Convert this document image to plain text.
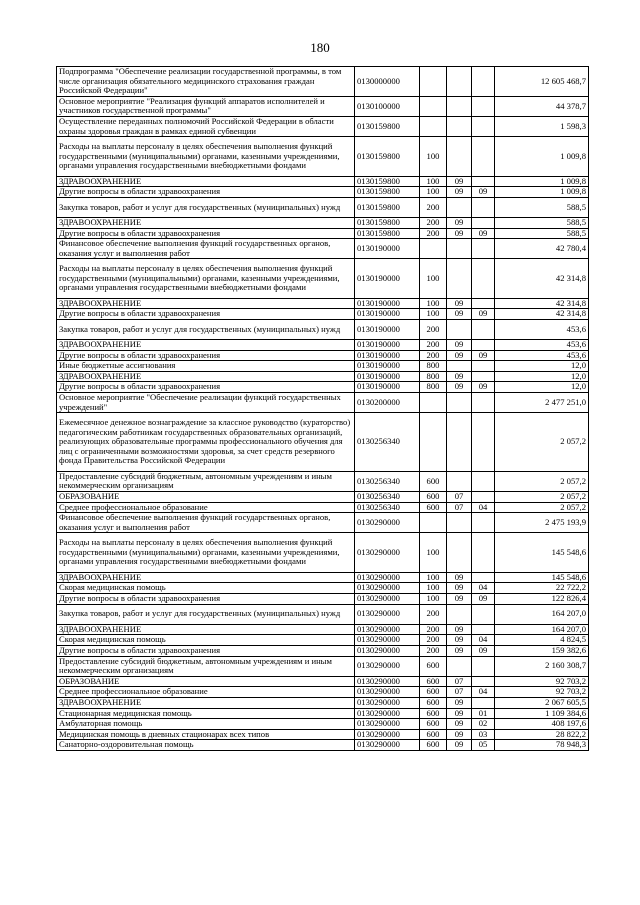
180
Подпрограмма "Обеспечение реализации государственной программы, в том числе организация обязательного медицинского страхования граждан Российской Федерации"	0130000000				12 605 468,7
Основное мероприятие "Реализация функций аппаратов исполнителей и участников государственной программы"	0130100000				44 378,7
Осуществление переданных полномочий Российской Федерации в области охраны здоровья граждан в рамках единой субвенции	0130159800				1 598,3
Расходы на выплаты персоналу в целях обеспечения выполнения функций государственными (муниципальными) органами, казенными учреждениями, органами управления государственными внебюджетными фондами	0130159800	100			1 009,8
ЗДРАВООХРАНЕНИЕ	0130159800	100	09		1 009,8
Другие вопросы в области здравоохранения	0130159800	100	09	09	1 009,8
Закупка товаров, работ и услуг для государственных (муниципальных) нужд	0130159800	200			588,5
ЗДРАВООХРАНЕНИЕ	0130159800	200	09		588,5
Другие вопросы в области здравоохранения	0130159800	200	09	09	588,5
Финансовое обеспечение выполнения функций государственных органов, оказания услуг и выполнения работ	0130190000				42 780,4
Расходы на выплаты персоналу в целях обеспечения выполнения функций государственными (муниципальными) органами, казенными учреждениями, органами управления государственными внебюджетными фондами	0130190000	100			42 314,8
ЗДРАВООХРАНЕНИЕ	0130190000	100	09		42 314,8
Другие вопросы в области здравоохранения	0130190000	100	09	09	42 314,8
Закупка товаров, работ и услуг для государственных (муниципальных) нужд	0130190000	200			453,6
ЗДРАВООХРАНЕНИЕ	0130190000	200	09		453,6
Другие вопросы в области здравоохранения	0130190000	200	09	09	453,6
Иные бюджетные ассигнования	0130190000	800			12,0
ЗДРАВООХРАНЕНИЕ	0130190000	800	09		12,0
Другие вопросы в области здравоохранения	0130190000	800	09	09	12,0
Основное мероприятие "Обеспечение реализации функций государственных учреждений"	0130200000				2 477 251,0
Ежемесячное денежное вознаграждение за классное руководство (кураторство) педагогическим работникам государственных образовательных организаций, реализующих образовательные программы профессионального обучения для лиц с ограниченными возможностями здоровья, за счет средств резервного фонда Правительства Российской Федерации	0130256340				2 057,2
Предоставление субсидий бюджетным, автономным учреждениям и иным некоммерческим организациям	0130256340	600			2 057,2
ОБРАЗОВАНИЕ	0130256340	600	07		2 057,2
Среднее профессиональное образование	0130256340	600	07	04	2 057,2
Финансовое обеспечение выполнения функций государственных органов, оказания услуг и выполнения работ	0130290000				2 475 193,9
Расходы на выплаты персоналу в целях обеспечения выполнения функций государственными (муниципальными) органами, казенными учреждениями, органами управления государственными внебюджетными фондами	0130290000	100			145 548,6
ЗДРАВООХРАНЕНИЕ	0130290000	100	09		145 548,6
Скорая медицинская помощь	0130290000	100	09	04	22 722,2
Другие вопросы в области здравоохранения	0130290000	100	09	09	122 826,4
Закупка товаров, работ и услуг для государственных (муниципальных) нужд	0130290000	200			164 207,0
ЗДРАВООХРАНЕНИЕ	0130290000	200	09		164 207,0
Скорая медицинская помощь	0130290000	200	09	04	4 824,5
Другие вопросы в области здравоохранения	0130290000	200	09	09	159 382,6
Предоставление субсидий бюджетным, автономным учреждениям и иным некоммерческим организациям	0130290000	600			2 160 308,7
ОБРАЗОВАНИЕ	0130290000	600	07		92 703,2
Среднее профессиональное образование	0130290000	600	07	04	92 703,2
ЗДРАВООХРАНЕНИЕ	0130290000	600	09		2 067 605,5
Стационарная медицинская помощь	0130290000	600	09	01	1 109 384,6
Амбулаторная помощь	0130290000	600	09	02	408 197,6
Медицинская помощь в дневных стационарах всех типов	0130290000	600	09	03	28 822,2
Санаторно-оздоровительная помощь	0130290000	600	09	05	78 948,3
